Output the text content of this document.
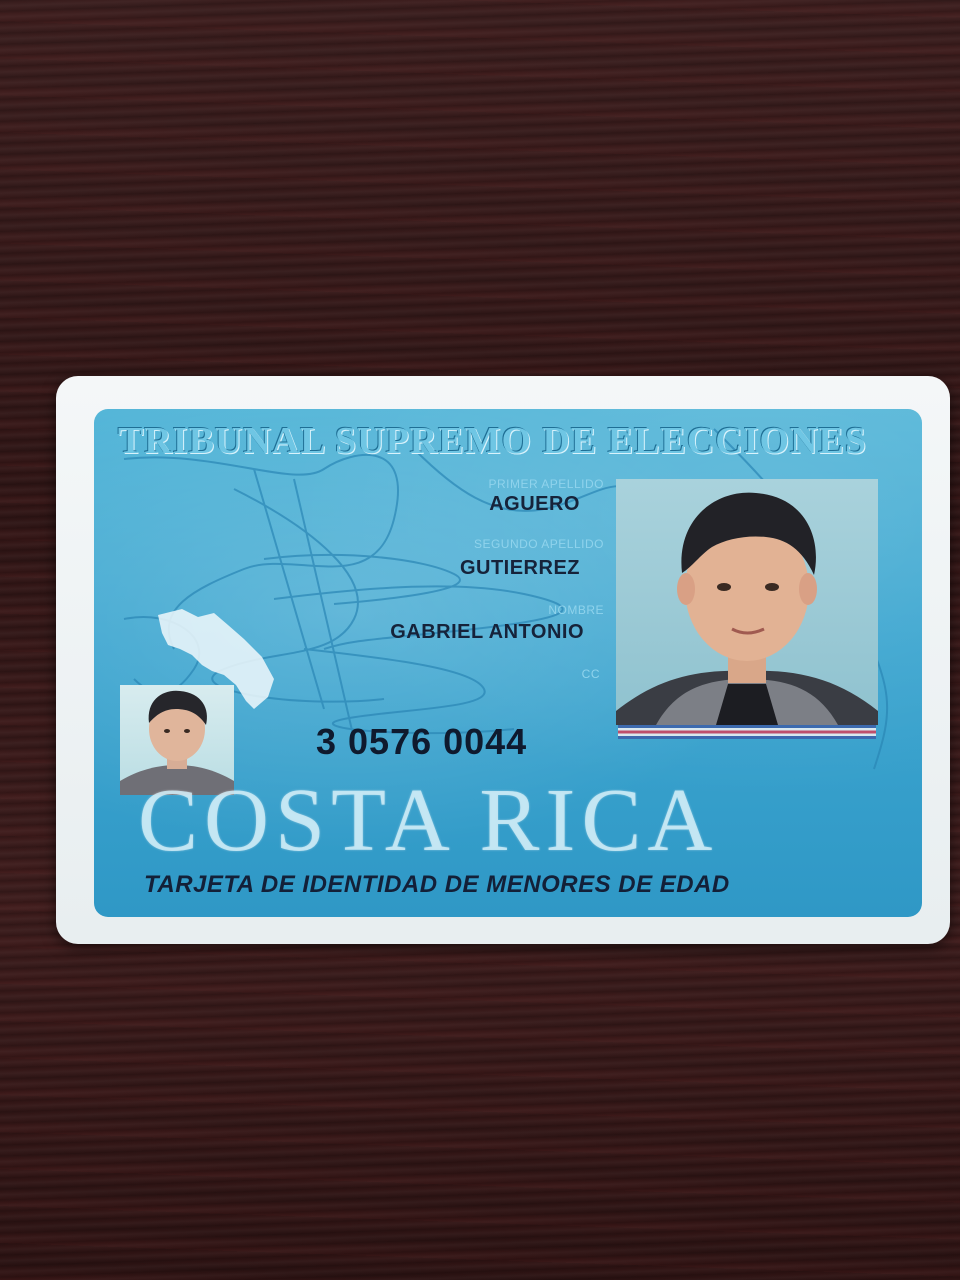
TRIBUNAL SUPREMO DE ELECCIONES
PRIMER APELLIDO
AGUERO
SEGUNDO APELLIDO
GUTIERREZ
NOMBRE
GABRIEL ANTONIO
CC
3 0576 0044
COSTA RICA
TARJETA DE IDENTIDAD DE MENORES DE EDAD
